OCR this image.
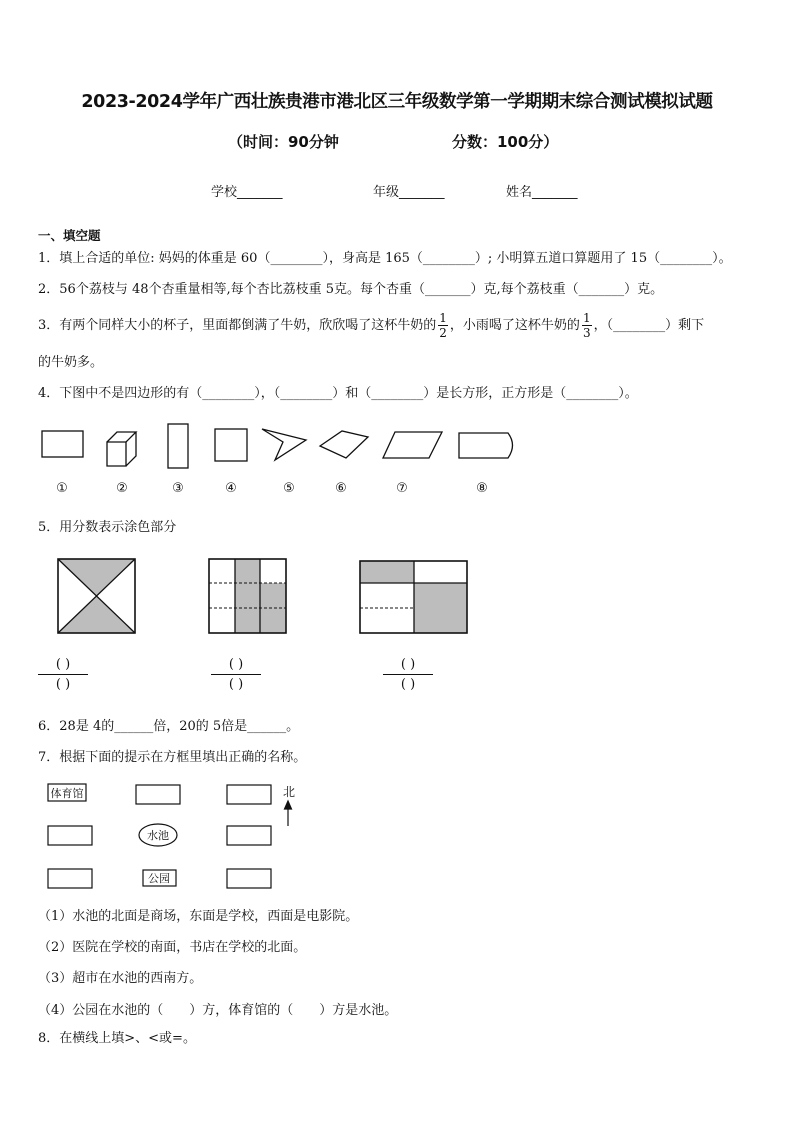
2023-2024学年广西壮族贵港市港北区三年级数学第一学期期末综合测试模拟试题
（时间：90分钟	分数：100分）
学校_______	年级_______	姓名_______
一、填空题
1．填上合适的单位: 妈妈的体重是 60（________），身高是 165（________）; 小明算五道口算题用了 15（________）。
2．56个荔枝与 48个杏重量相等,每个杏比荔枝重 5克。每个杏重（_______）克,每个荔枝重（_______）克。
3．有两个同样大小的杯子，里面都倒满了牛奶，欣欣喝了这杯牛奶的 $\frac{1}{2}$ ，小雨喝了这杯牛奶的 $\frac{1}{3}$ ，（________）剩下
的牛奶多。
4．下图中不是四边形的有（________），（________）和（________）是长方形，正方形是（________）。
①	②	③	④	⑤	⑥	⑦	⑧
5．用分数表示涂色部分
( )
( )
( )
( )
( )
( )
6．28是 4的______倍，20的 5倍是______。
7．根据下面的提示在方框里填出正确的名称。
体育馆
水池
公园
北
（1）水池的北面是商场，东面是学校，西面是电影院。
（2）医院在学校的南面，书店在学校的北面。
（3）超市在水池的西南方。
（4）公园在水池的（　　）方，体育馆的（　　）方是水池。
8．在横线上填>、<或=。
